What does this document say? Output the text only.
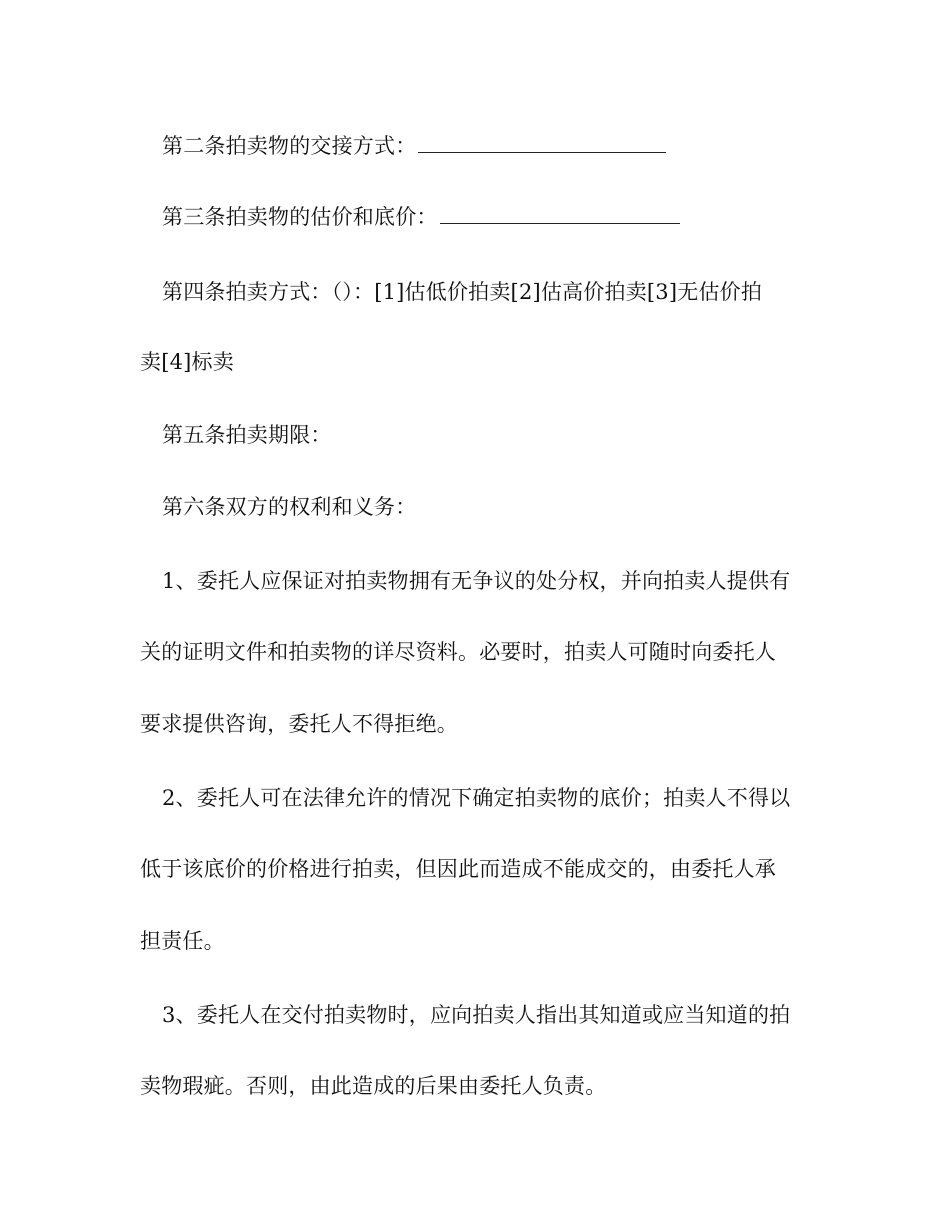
第二条拍卖物的交接方式：
第三条拍卖物的估价和底价：
第四条拍卖方式：（）：[1]估低价拍卖[2]估高价拍卖[3]无估价拍
卖[4]标卖
第五条拍卖期限：
第六条双方的权利和义务：
1、委托人应保证对拍卖物拥有无争议的处分权，并向拍卖人提供有
关的证明文件和拍卖物的详尽资料。必要时，拍卖人可随时向委托人
要求提供咨询，委托人不得拒绝。
2、委托人可在法律允许的情况下确定拍卖物的底价；拍卖人不得以
低于该底价的价格进行拍卖，但因此而造成不能成交的，由委托人承
担责任。
3、委托人在交付拍卖物时，应向拍卖人指出其知道或应当知道的拍
卖物瑕疵。否则，由此造成的后果由委托人负责。
